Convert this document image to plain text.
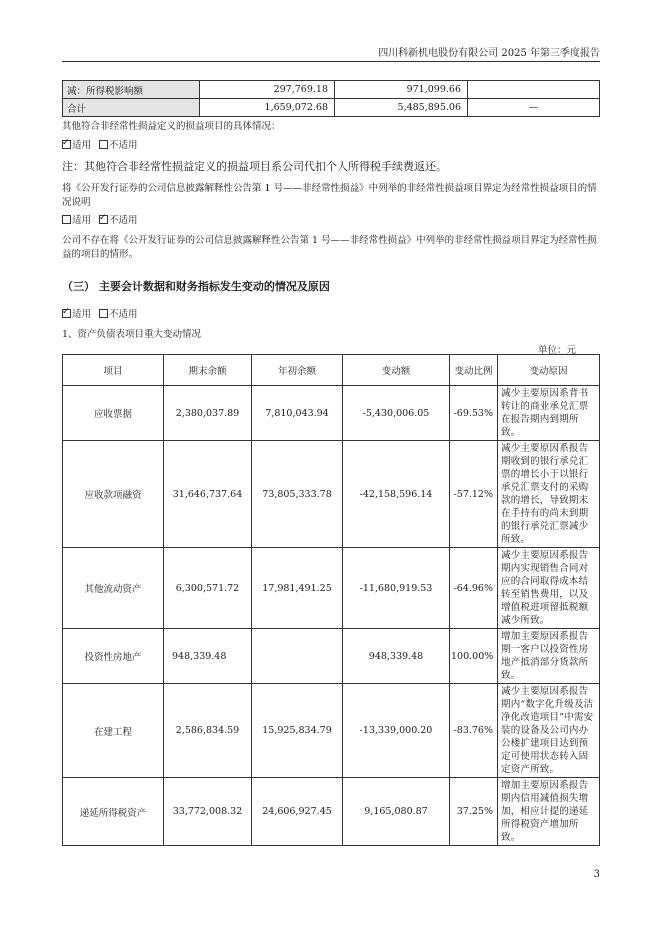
四川科新机电股份有限公司 2025 年第三季度报告
减：所得税影响额	297,769.18	971,099.66	
合计	1,659,072.68	5,485,895.06	—

其他符合非经常性损益定义的损益项目的具体情况：

✓适用 不适用

注：其他符合非经常性损益定义的损益项目系公司代扣个人所得税手续费返还。

将《公开发行证券的公司信息披露解释性公告第 1 号——非经常性损益》中列举的非经常性损益项目界定为经常性损益项目的情况说明

适用 ✓ 不适用

公司不存在将《公开发行证券的公司信息披露解释性公告第 1 号——非经常性损益》中列举的非经常性损益项目界定为经常性损益的项目的情形。

（三） 主要会计数据和财务指标发生变动的情况及原因

✓适用 不适用

1、资产负债表项目重大变动情况

单位：元
项目	期末余额	年初余额	变动额	变动比例	变动原因
应收票据	2,380,037.89	7,810,043.94	-5,430,006.05	-69.53%	减少主要原因系背书转让的商业承兑汇票在报告期内到期所致。
应收款项融资	31,646,737.64	73,805,333.78	-42,158,596.14	-57.12%	减少主要原因系报告期收到的银行承兑汇票的增长小于以银行承兑汇票支付的采购款的增长，导致期末在手持有的尚未到期的银行承兑汇票减少所致。
其他流动资产	6,300,571.72	17,981,491.25	-11,680,919.53	-64.96%	减少主要原因系报告期内实现销售合同对应的合同取得成本结转至销售费用，以及增值税进项留抵税额减少所致。
投资性房地产	948,339.48		948,339.48	100.00%	增加主要原因系报告期一客户以投资性房地产抵消部分货款所致。
在建工程	2,586,834.59	15,925,834.79	-13,339,000.20	-83.76%	减少主要原因系报告期内“数字化升级及洁净化改造项目”中需安装的设备及公司内办公楼扩建项目达到预定可使用状态转入固定资产所致。
递延所得税资产	33,772,008.32	24,606,927.45	9,165,080.87	37.25%	增加主要原因系报告期内信用减值损失增加，相应计提的递延所得税资产增加所致。
3
